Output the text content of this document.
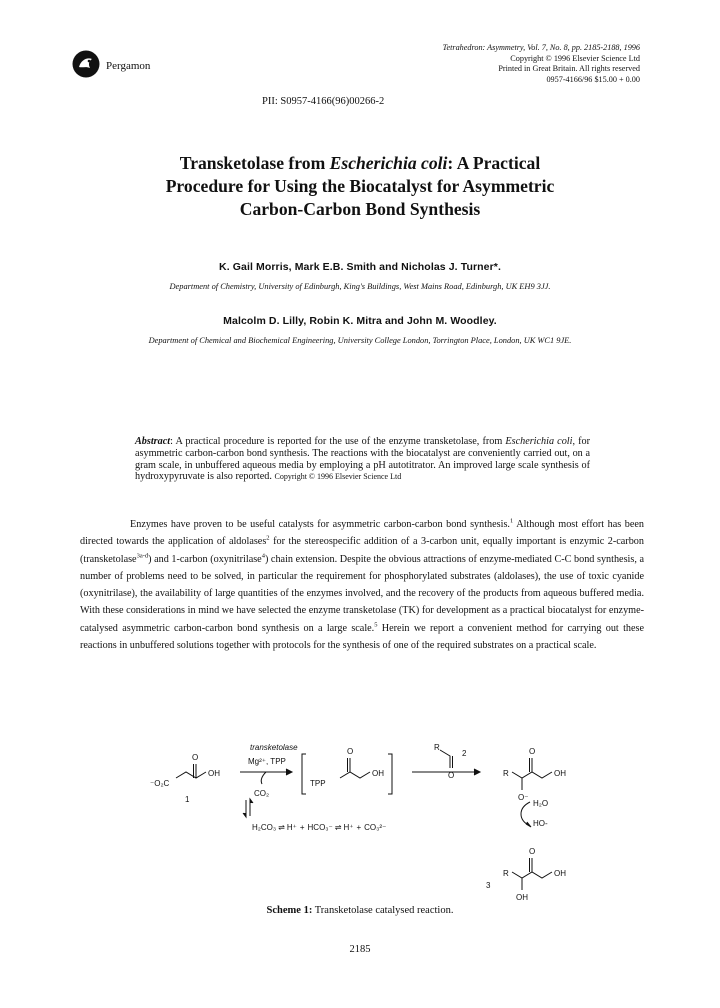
Pergamon
Tetrahedron: Asymmetry, Vol. 7, No. 8, pp. 2185-2188, 1996
Copyright © 1996 Elsevier Science Ltd
Printed in Great Britain. All rights reserved
0957-4166/96 $15.00 + 0.00
PII: S0957-4166(96)00266-2
Transketolase from Escherichia coli: A Practical
Procedure for Using the Biocatalyst for Asymmetric
Carbon-Carbon Bond Synthesis
K. Gail Morris, Mark E.B. Smith and Nicholas J. Turner*.
Department of Chemistry, University of Edinburgh, King's Buildings, West Mains Road, Edinburgh, UK EH9 3JJ.
Malcolm D. Lilly, Robin K. Mitra and John M. Woodley.
Department of Chemical and Biochemical Engineering, University College London, Torrington Place, London, UK WC1 9JE.
Abstract: A practical procedure is reported for the use of the enzyme transketolase, from Escherichia coli, for asymmetric carbon-carbon bond synthesis. The reactions with the biocatalyst are conveniently carried out, on a gram scale, in unbuffered aqueous media by employing a pH autotitrator. An improved large scale synthesis of hydroxypyruvate is also reported. Copyright © 1996 Elsevier Science Ltd

Enzymes have proven to be useful catalysts for asymmetric carbon-carbon bond synthesis.$^1$ Although most effort has been directed towards the application of aldolases$^2$ for the stereospecific addition of a 3-carbon unit, equally important is enzymic 2-carbon (transketolase$^{3a-d}$) and 1-carbon (oxynitrilase$^4$) chain extension. Despite the obvious attractions of enzyme-mediated C-C bond synthesis, a number of problems need to be solved, in particular the requirement for phosphorylated substrates (aldolases), the use of toxic cyanide (oxynitrilase), the availability of large quantities of the enzymes involved, and the recovery of the products from aqueous buffered media. With these considerations in mind we have selected the enzyme transketolase (TK) for development as a practical biocatalyst for enzyme-catalysed asymmetric carbon-carbon bond synthesis on a large scale.$^5$ Herein we report a convenient method for carrying out these reactions in unbuffered solutions together with protocols for the synthesis of one of the required substrates on a practical scale.

transketolase
Mg²⁺, TPP
O
⁻O₂C
OH
1
CO₂
O
TPP
OH
R
2
O	R
O
OH
O⁻
H₂O
HO-
H₂CO₃ ⇌ H⁺ + HCO₃⁻ ⇌ H⁺ + CO₃²⁻
O
R	OH
OH
3
Scheme 1: Transketolase catalysed reaction.
2185
